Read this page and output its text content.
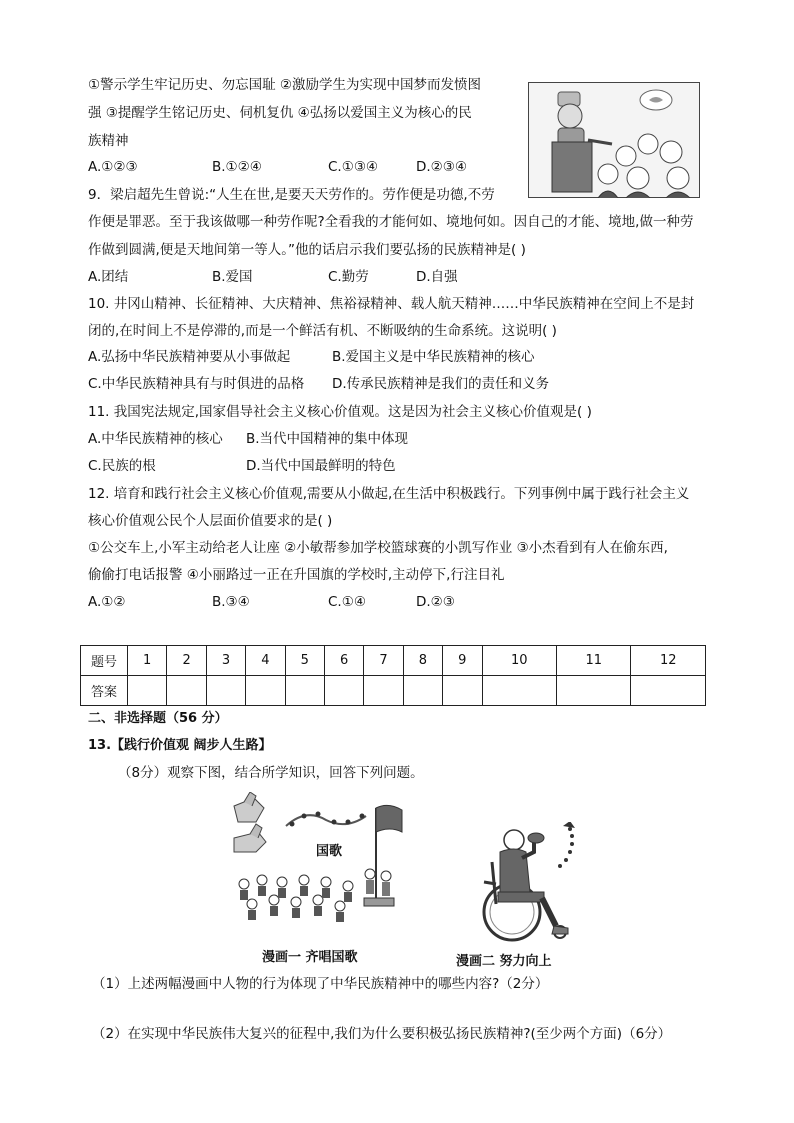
①警示学生牢记历史、勿忘国耻 ②激励学生为实现中国梦而发愤图
强 ③提醒学生铭记历史、伺机复仇 ④弘扬以爱国主义为核心的民
族精神
A.①②③	B.①②④	C.①③④	D.②③④
9．梁启超先生曾说:“人生在世,是要天天劳作的。劳作便是功德,不劳
作便是罪恶。至于我该做哪一种劳作呢?全看我的才能何如、境地何如。因自己的才能、境地,做一种劳
作做到圆满,便是天地间第一等人。”他的话启示我们要弘扬的民族精神是( )
A.团结	B.爱国	C.勤劳	D.自强
10. 井冈山精神、长征精神、大庆精神、焦裕禄精神、载人航天精神……中华民族精神在空间上不是封
闭的,在时间上不是停滞的,而是一个鲜活有机、不断吸纳的生命系统。这说明( )
A.弘扬中华民族精神要从小事做起	B.爱国主义是中华民族精神的核心
C.中华民族精神具有与时俱进的品格 D.传承民族精神是我们的责任和义务
11. 我国宪法规定,国家倡导社会主义核心价值观。这是因为社会主义核心价值观是( )
A.中华民族精神的核心 B.当代中国精神的集中体现
C.民族的根	D.当代中国最鲜明的特色
12. 培育和践行社会主义核心价值观,需要从小做起,在生活中积极践行。下列事例中属于践行社会主义
核心价值观公民个人层面价值要求的是( )
①公交车上,小军主动给老人让座 ②小敏帮参加学校篮球赛的小凯写作业 ③小杰看到有人在偷东西,
偷偷打电话报警 ④小丽路过一正在升国旗的学校时,主动停下,行注目礼
A.①②	B.③④	C.①④	D.②③
题号	1	2	3	4	5	6	7	8	9	10	11	12
答案												
二、非选择题（56 分）
13.【践行价值观 阔步人生路】
（8分）观察下图，结合所学知识，回答下列问题。
国歌
漫画一 齐唱国歌	漫画二 努力向上
（1）上述两幅漫画中人物的行为体现了中华民族精神中的哪些内容?（2分）
（2）在实现中华民族伟大复兴的征程中,我们为什么要积极弘扬民族精神?(至少两个方面)（6分）
